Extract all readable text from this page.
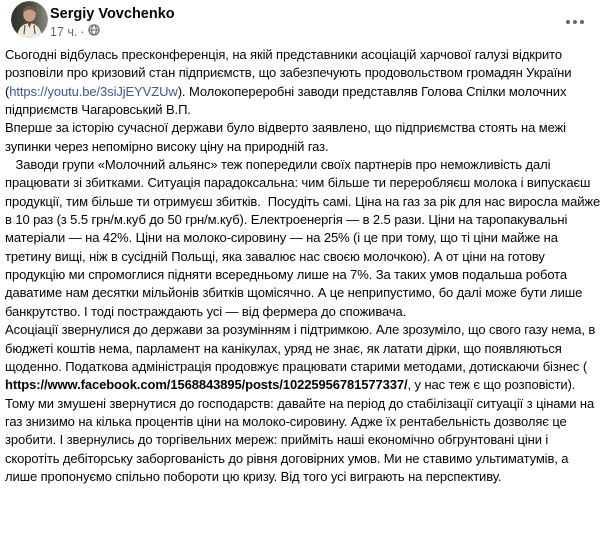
Sergiy Vovchenko
17 ч. ·
Сьогодні відбулась пресконференція, на якій представники асоціацій харчової галузі відкрито розповіли про кризовий стан підприємств, що забезпечують продовольством громадян України (https://youtu.be/3siJjEYVZUw). Молокопереробні заводи представляв Голова Спілки молочних підприємств Чагаровський В.П.
Вперше за історію сучасної держави було відверто заявлено, що підприємства стоять на межі зупинки через непомірно високу ціну на природній газ.
Заводи групи «Молочний альянс» теж попередили своїх партнерів про неможливість далі працювати зі збитками. Ситуація парадоксальна: чим більше ти переробляєш молока і випускаєш продукції, тим більше ти отримуєш збитків.  Посудіть самі. Ціна на газ за рік для нас виросла майже в 10 раз (з 5.5 грн/м.куб до 50 грн/м.куб). Електроенергія — в 2.5 рази. Ціни на таропакувальні матеріали — на 42%. Ціни на молоко-сировину — на 25% (і це при тому, що ті ціни майже на третину вищі, ніж в сусідній Польщі, яка завалює нас своєю молочкою). А от ціни на готову продукцію ми спромоглися підняти всередньому лише на 7%. За таких умов подальша робота даватиме нам десятки мільйонів збитків щомісячно. А це неприпустимо, бо далі може бути лише банкрутство. І тоді постраждають усі — від фермера до споживача.
Асоціації звернулися до держави за розумінням і підтримкою. Але зрозуміло, що свого газу нема, в бюджеті коштів нема, парламент на канікулах, уряд не знає, як латати дірки, що появляються щоденно. Податкова адміністрація продовжує працювати старими методами, дотискаючи бізнес ( https://www.facebook.com/1568843895/posts/10225956781577337/, у нас теж є що розповісти).
Тому ми змушені звернутися до господарств: давайте на період до стабілізації ситуації з цінами на газ знизимо на кілька процентів ціни на молоко-сировину. Адже їх рентабельність дозволяє це зробити. І звернулись до торгівельних мереж: прийміть наші економічно обгрунтовані ціни і скоротіть дебіторську заборгованість до рівня договірних умов. Ми не ставимо ультиматумів, а лише пропонуємо спільно побороти цю кризу. Від того усі виграють на перспективу.
